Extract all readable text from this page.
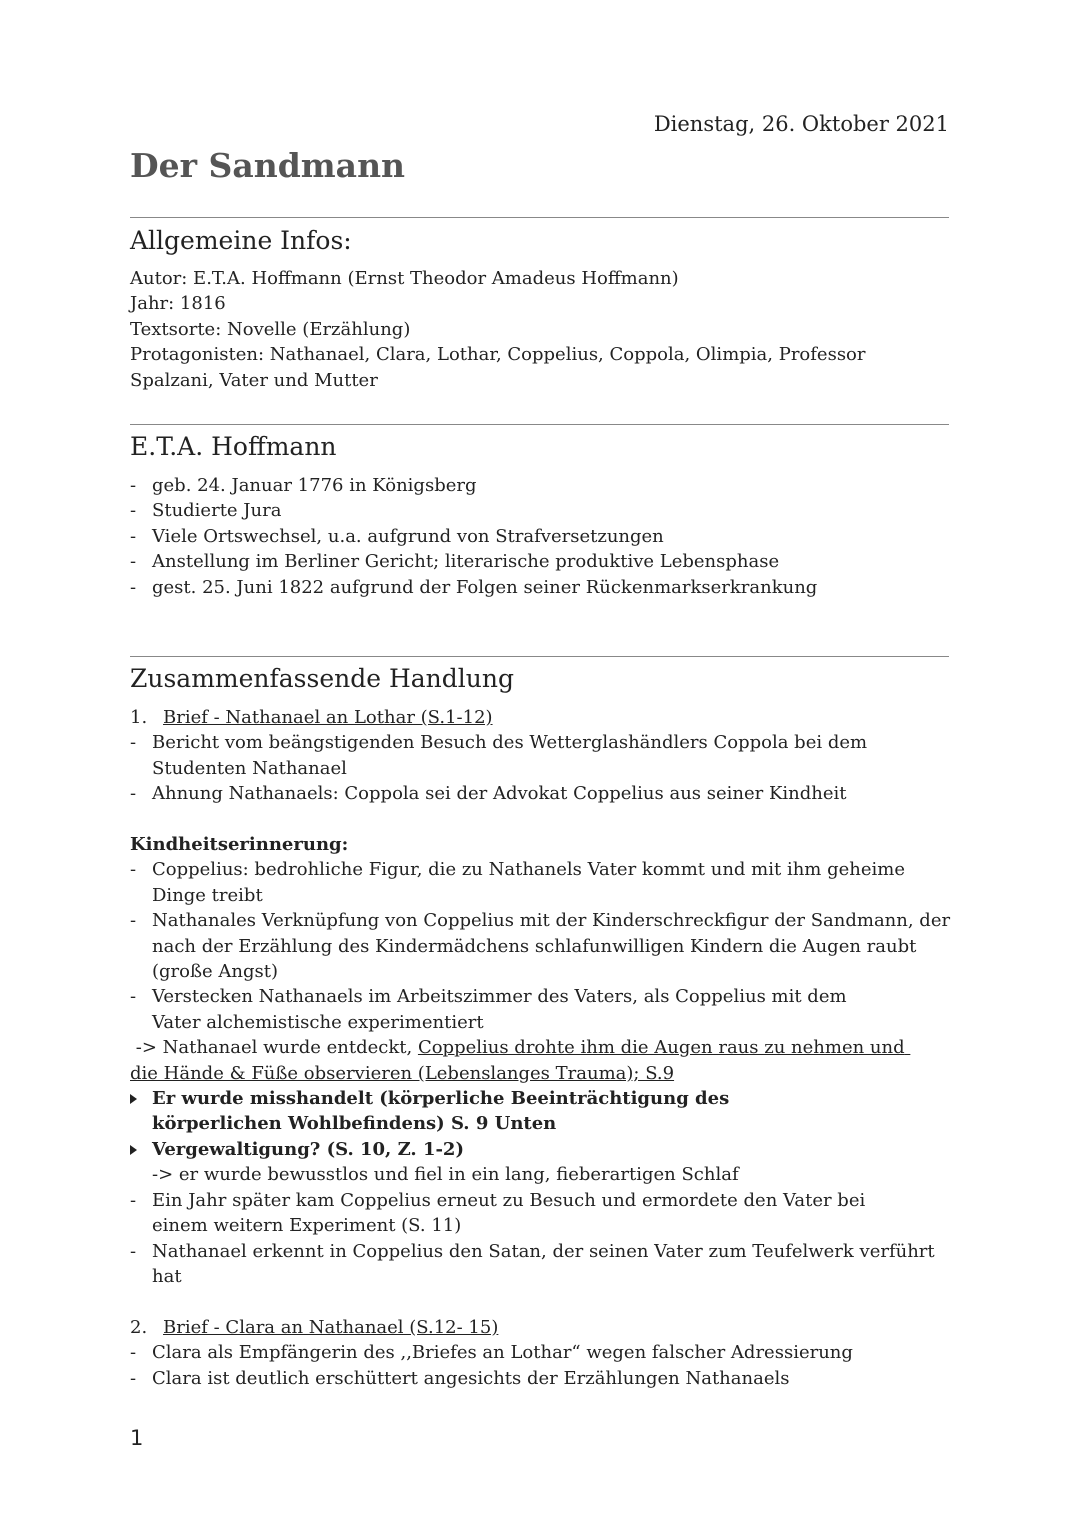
Dienstag, 26. Oktober 2021
Der Sandmann
Allgemeine Infos:

Autor: E.T.A. Hoffmann (Ernst Theodor Amadeus Hoffmann)

Jahr: 1816

Textsorte: Novelle (Erzählung)

Protagonisten: Nathanael, Clara, Lothar, Coppelius, Coppola, Olimpia, Professor Spalzani, Vater und Mutter

E.T.A. Hoffmann
- geb. 24. Januar 1776 in Königsberg
- Studierte Jura
- Viele Ortswechsel, u.a. aufgrund von Strafversetzungen
- Anstellung im Berliner Gericht; literarische produktive Lebensphase
- gest. 25. Juni 1822 aufgrund der Folgen seiner Rückenmarkserkrankung
Zusammenfassende Handlung
1. Brief - Nathanael an Lothar (S.1-12)
- Bericht vom beängstigenden Besuch des Wetterglashändlers Coppola bei dem Studenten Nathanael
- Ahnung Nathanaels: Coppola sei der Advokat Coppelius aus seiner Kindheit

Kindheitserinnerung:

- Coppelius: bedrohliche Figur, die zu Nathanels Vater kommt und mit ihm geheime Dinge treibt
- Nathanales Verknüpfung von Coppelius mit der Kinderschreckfigur der Sandmann, der nach der Erzählung des Kindermädchens schlafunwilligen Kindern die Augen raubt (große Angst)
- Verstecken Nathanaels im Arbeitszimmer des Vaters, als Coppelius mit dem Vater alchemistische experimentiert

-> Nathanael wurde entdeckt, Coppelius drohte ihm die Augen raus zu nehmen und die Hände & Füße observieren (Lebenslanges Trauma); S.9

Er wurde misshandelt (körperliche Beeinträchtigung des körperlichen Wohlbefindens) S. 9 Unten
Vergewaltigung? (S. 10, Z. 1-2)

-> er wurde bewusstlos und fiel in ein lang, fieberartigen Schlaf

- Ein Jahr später kam Coppelius erneut zu Besuch und ermordete den Vater bei einem weitern Experiment (S. 11)
- Nathanael erkennt in Coppelius den Satan, der seinen Vater zum Teufelwerk verführt hat
2. Brief - Clara an Nathanael (S.12- 15)
- Clara als Empfängerin des ,,Briefes an Lothar“ wegen falscher Adressierung
- Clara ist deutlich erschüttert angesichts der Erzählungen Nathanaels
1
